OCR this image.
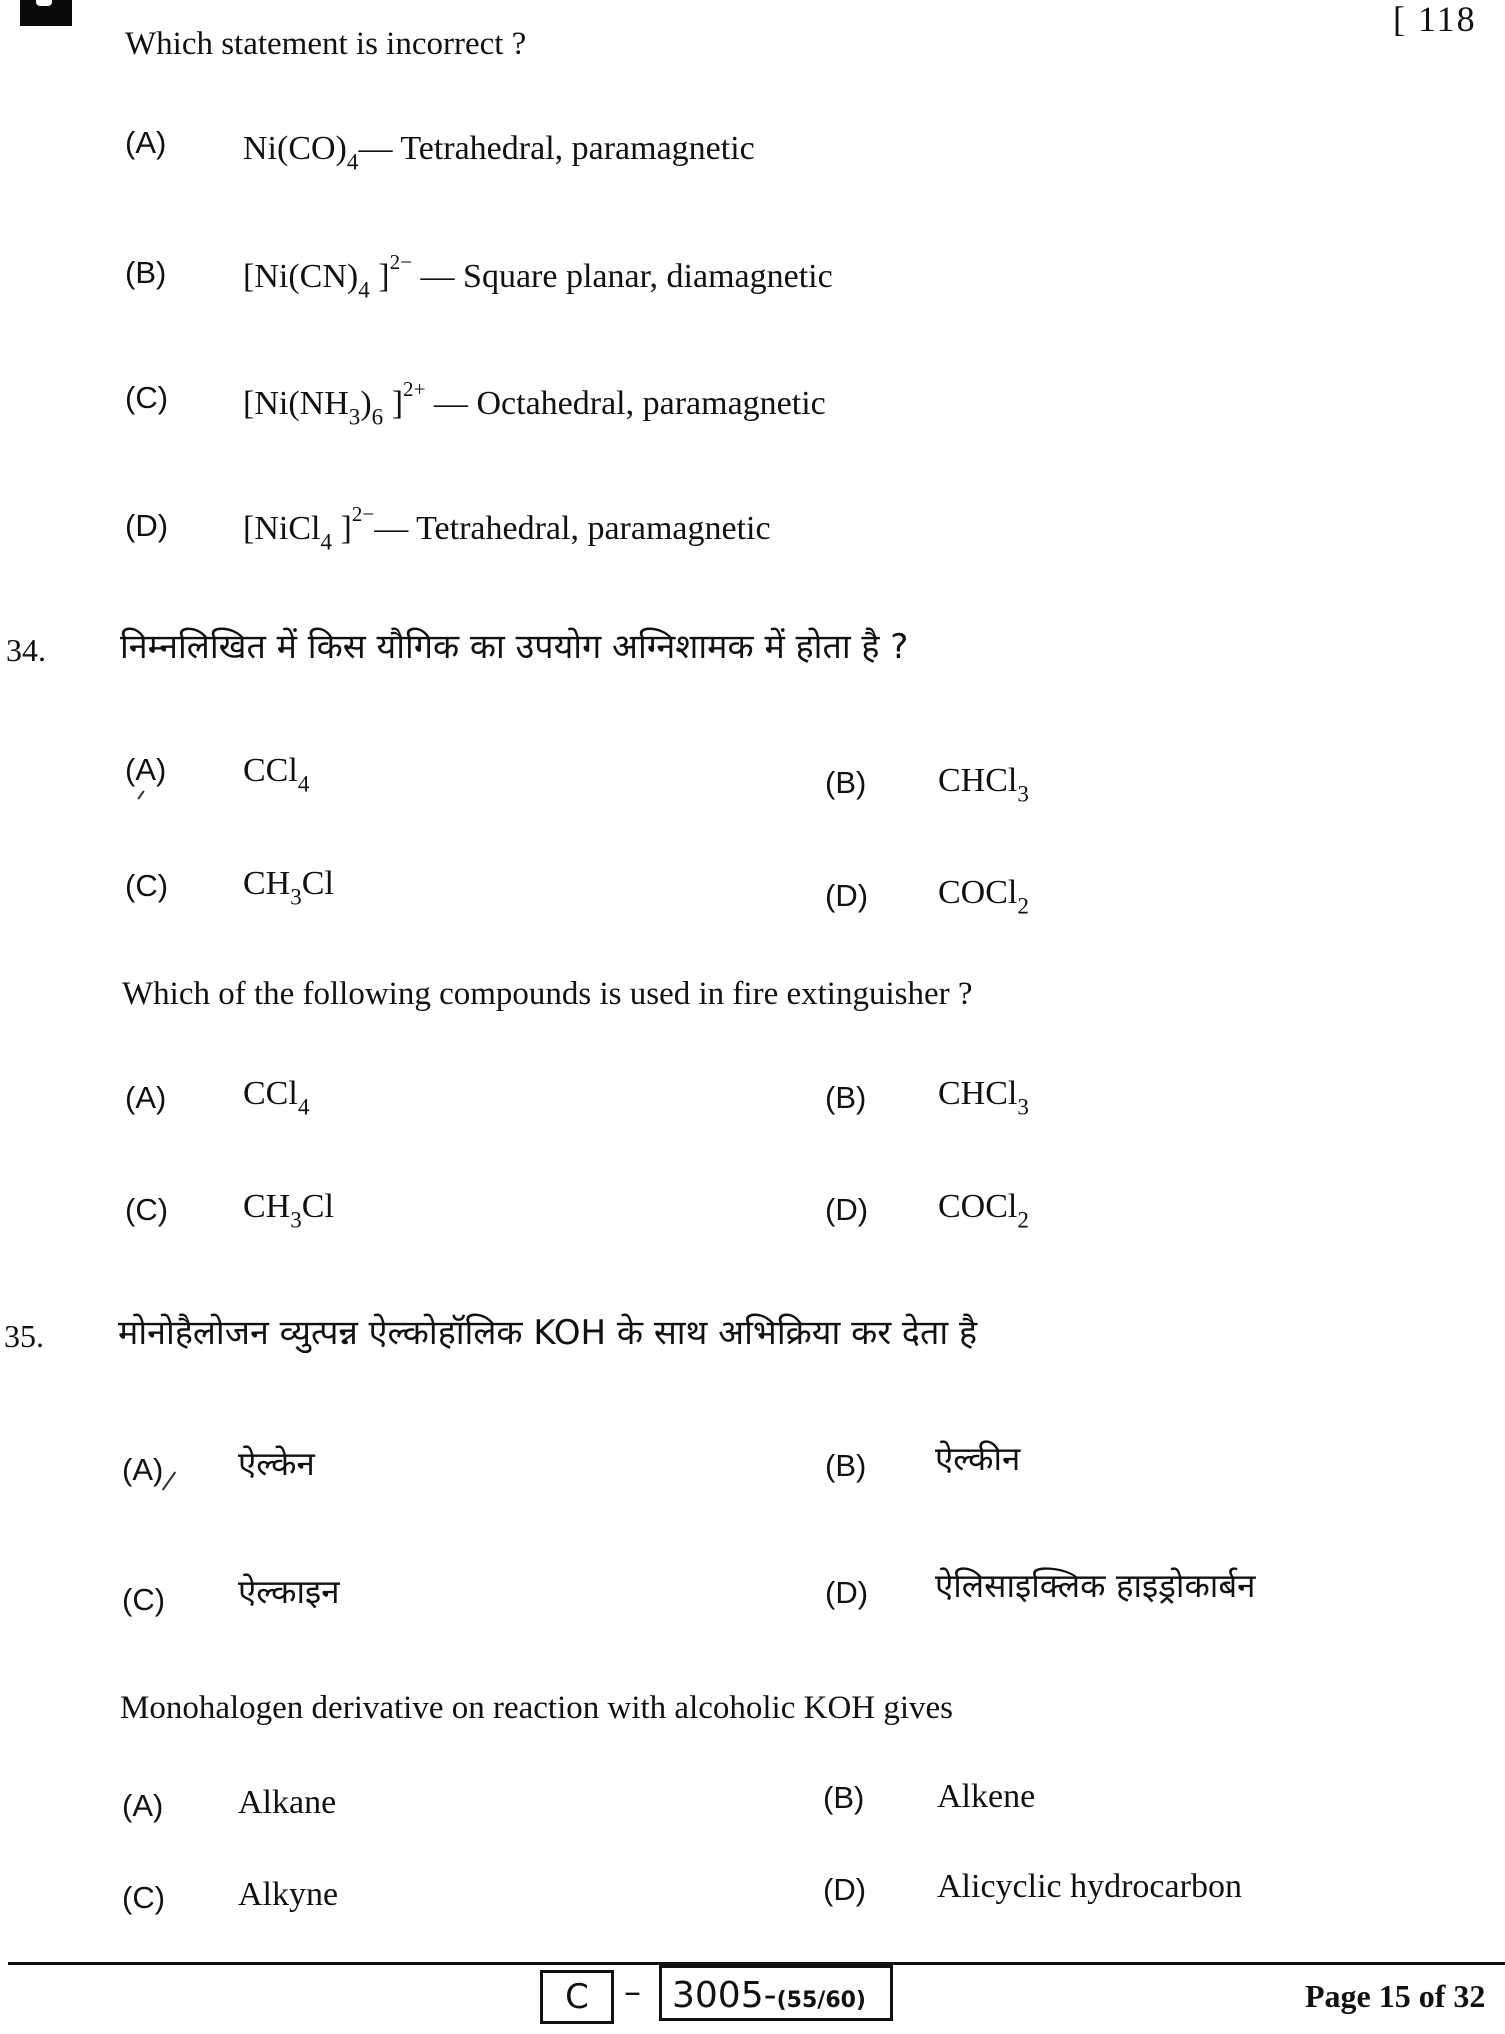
[ 118
Which statement is incorrect ?
(A) $Ni(CO)_4—$ Tetrahedral, paramagnetic
(B) [$Ni(CN)_4$ ]$^{2-}$ — Square planar, diamagnetic
(C) [$Ni(NH_3)_6$ ]$^{2+}$ — Octahedral, paramagnetic
(D) [NiCl$_4$ ]$^{2-}$— Tetrahedral, paramagnetic
34. निम्नलिखित में किस यौगिक का उपयोग अग्निशामक में होता है ?
(A) CCl$_4$	(B) CHCl$_3$
(C) $CH_3Cl$	(D) COCl$_2$
Which of the following compounds is used in fire extinguisher ?
(A) CCl$_4$	(B) CHCl$_3$
(C) $CH_3Cl$	(D) COCl$_2$
35. मोनोहैलोजन व्युत्पन्न ऐल्कोहॉलिक KOH के साथ अभिक्रिया कर देता है
(A) ऐल्केन	(B) ऐल्कीन
(C) ऐल्काइन	(D) ऐलिसाइक्लिक हाइड्रोकार्बन
Monohalogen derivative on reaction with alcoholic KOH gives
(A) Alkane	(B) Alkene
(C) Alkyne	(D) Alicyclic hydrocarbon
C	– 3005-(55/60)	Page 15 of 32
